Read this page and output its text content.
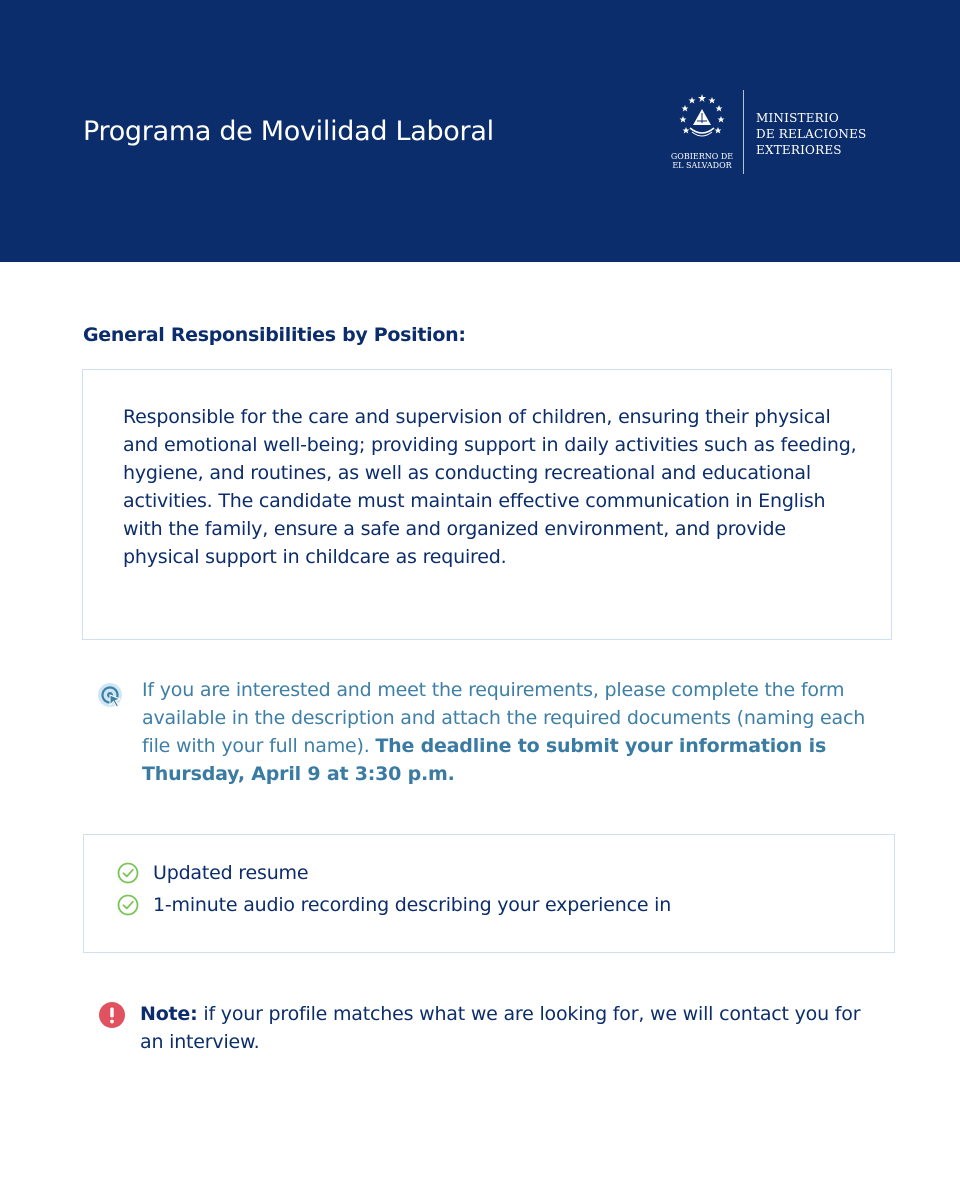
Programa de Movilidad Laboral
GOBIERNO DE
EL SALVADOR
MINISTERIO
DE RELACIONES
EXTERIORES
General Responsibilities by Position:
Responsible for the care and supervision of children, ensuring their physical and emotional well-being; providing support in daily activities such as feeding, hygiene, and routines, as well as conducting recreational and educational activities. The candidate must maintain effective communication in English with the family, ensure a safe and organized environment, and provide physical support in childcare as required.
If you are interested and meet the requirements, please complete the form available in the description and attach the required documents (naming each file with your full name). The deadline to submit your information is Thursday, April 9 at 3:30 p.m.
Updated resume
1-minute audio recording describing your experience in
Note: if your profile matches what we are looking for, we will contact you for an interview.
